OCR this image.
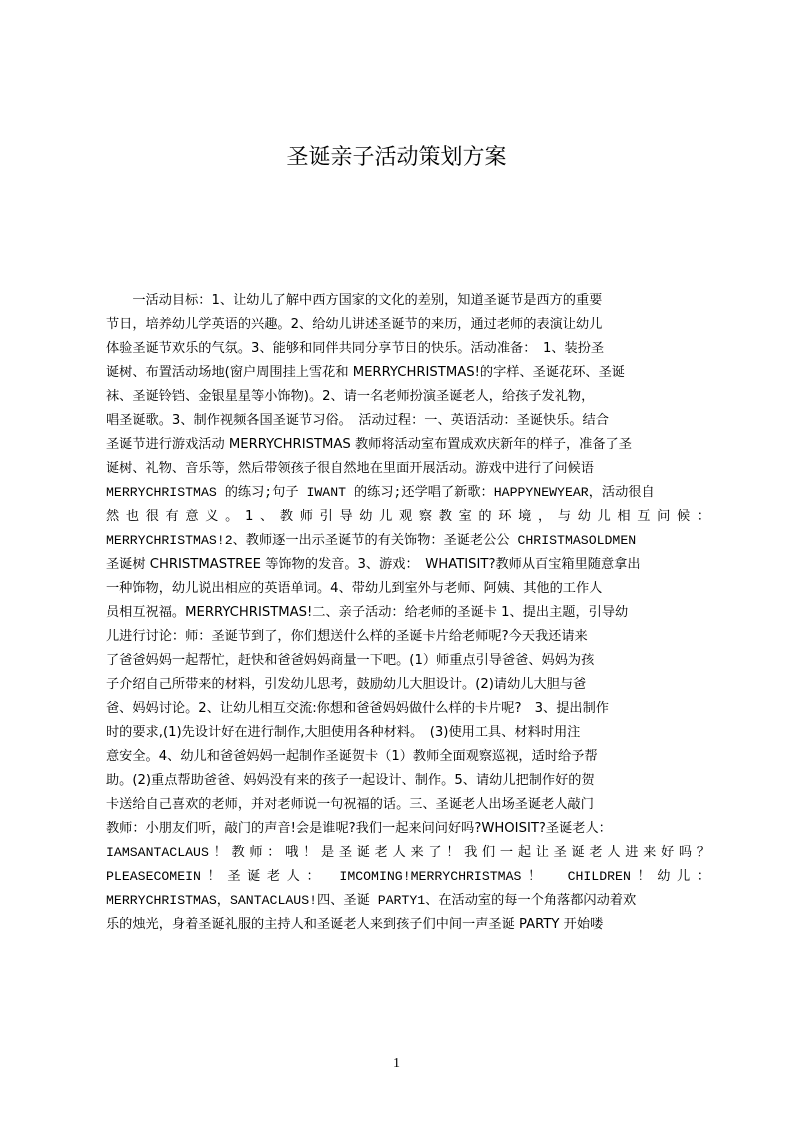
圣诞亲子活动策划方案
　　一活动目标：1、让幼儿了解中西方国家的文化的差别，知道圣诞节是西方的重要
节日，培养幼儿学英语的兴趣。2、给幼儿讲述圣诞节的来历，通过老师的表演让幼儿
体验圣诞节欢乐的气氛。3、能够和同伴共同分享节日的快乐。活动准备：　1、装扮圣
诞树、布置活动场地(窗户周围挂上雪花和 MERRYCHRISTMAS!的字样、圣诞花环、圣诞
袜、圣诞铃铛、金银星星等小饰物)。2、请一名老师扮演圣诞老人，给孩子发礼物，
唱圣诞歌。3、制作视频各国圣诞节习俗。　活动过程：一、英语活动：圣诞快乐。结合
圣诞节进行游戏活动 MERRYCHRISTMAS 教师将活动室布置成欢庆新年的样子，准备了圣
诞树、礼物、音乐等，然后带领孩子很自然地在里面开展活动。游戏中进行了问候语
MERRYCHRISTMAS 的练习;句子 IWANT 的练习;还学唱了新歌：HAPPYNEWYEAR，活动很自
然也很有意义。1、教师引导幼儿观察教室的环境，与幼儿相互问候：
MERRYCHRISTMAS!2、教师逐一出示圣诞节的有关饰物：圣诞老公公 CHRISTMASOLDMEN
圣诞树 CHRISTMASTREE 等饰物的发音。3、游戏：　WHATISIT?教师从百宝箱里随意拿出
一种饰物，幼儿说出相应的英语单词。4、带幼儿到室外与老师、阿姨、其他的工作人
员相互祝福。MERRYCHRISTMAS!二、亲子活动：给老师的圣诞卡 1、提出主题，引导幼
儿进行讨论：师：圣诞节到了，你们想送什么样的圣诞卡片给老师呢?今天我还请来
了爸爸妈妈一起帮忙，赶快和爸爸妈妈商量一下吧。(1）师重点引导爸爸、妈妈为孩
子介绍自己所带来的材料，引发幼儿思考，鼓励幼儿大胆设计。(2)请幼儿大胆与爸
爸、妈妈讨论。2、让幼儿相互交流:你想和爸爸妈妈做什么样的卡片呢?　3、提出制作
时的要求,(1)先设计好在进行制作,大胆使用各种材料。　(3)使用工具、材料时用注
意安全。4、幼儿和爸爸妈妈一起制作圣诞贺卡（1）教师全面观察巡视，适时给予帮
助。(2)重点帮助爸爸、妈妈没有来的孩子一起设计、制作。5、请幼儿把制作好的贺
卡送给自己喜欢的老师，并对老师说一句祝福的话。三、圣诞老人出场圣诞老人敲门
教师：小朋友们听，敲门的声音!会是谁呢?我们一起来问问好吗?WHOISIT?圣诞老人：
IAMSANTACLAUS！教师：哦！是圣诞老人来了！我们一起让圣诞老人进来好吗？
PLEASECOMEIN！圣诞老人：　IMCOMING!MERRYCHRISTMAS！　CHILDREN！幼儿：
MERRYCHRISTMAS，SANTACLAUS!四、圣诞 PARTY1、在活动室的每一个角落都闪动着欢
乐的烛光，身着圣诞礼服的主持人和圣诞老人来到孩子们中间一声圣诞 PARTY 开始喽
1
